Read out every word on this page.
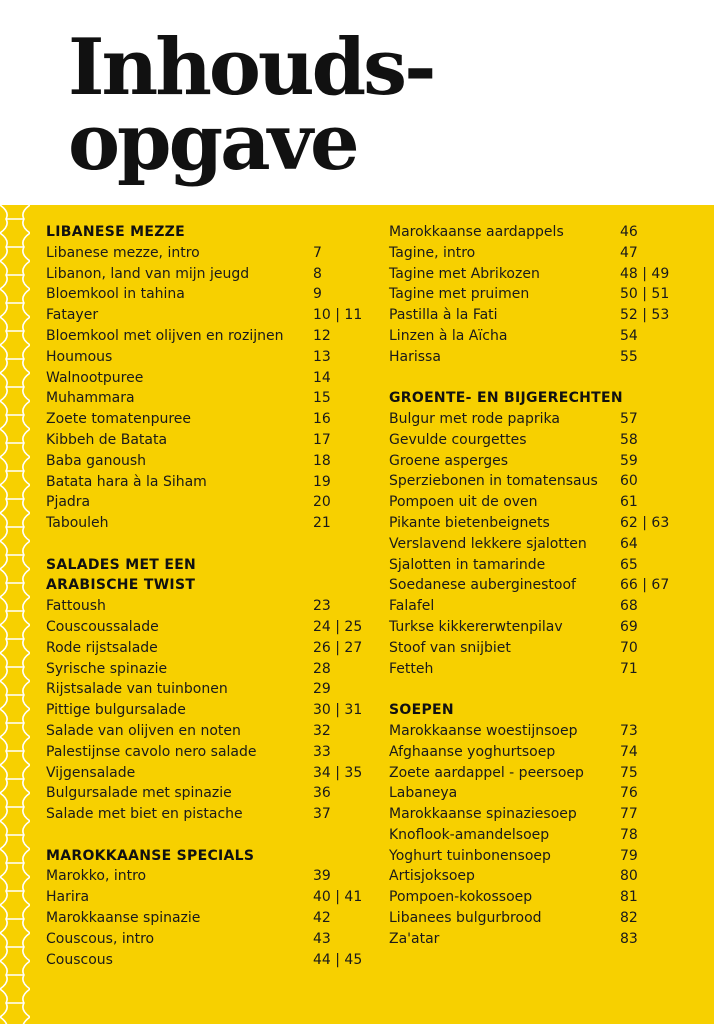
Inhouds-
opgave
LIBANESE MEZZE
Libanese mezze, intro	7
Libanon, land van mijn jeugd	8
Bloemkool in tahina	9
Fatayer	10 | 11
Bloemkool met olijven en rozijnen 12
Houmous	13
Walnootpuree	14
Muhammara	15
Zoete tomatenpuree	16
Kibbeh de Batata	17
Baba ganoush	18
Batata hara à la Siham	19
Pjadra	20
Tabouleh	21
SALADES MET EEN
ARABISCHE TWIST
Fattoush	23
Couscoussalade	24 | 25
Rode rijstsalade	26 | 27
Syrische spinazie	28
Rijstsalade van tuinbonen	29
Pittige bulgursalade	30 | 31
Salade van olijven en noten	32
Palestijnse cavolo nero salade	33
Vijgensalade	34 | 35
Bulgursalade met spinazie	36
Salade met biet en pistache	37
MAROKKAANSE SPECIALS
Marokko, intro	39
Harira	40 | 41
Marokkaanse spinazie	42
Couscous, intro	43
Couscous	44 | 45
Marokkaanse aardappels	46
Tagine, intro	47
Tagine met Abrikozen	48 | 49
Tagine met pruimen	50 | 51
Pastilla à la Fati	52 | 53
Linzen à la Aïcha	54
Harissa	55
GROENTE- EN BIJGERECHTEN
Bulgur met rode paprika	57
Gevulde courgettes	58
Groene asperges	59
Sperziebonen in tomatensaus 60
Pompoen uit de oven	61
Pikante bietenbeignets	62 | 63
Verslavend lekkere sjalotten 64
Sjalotten in tamarinde	65
Soedanese auberginestoof	66 | 67
Falafel	68
Turkse kikkererwtenpilav	69
Stoof van snijbiet	70
Fetteh	71
SOEPEN
Marokkaanse woestijnsoep	73
Afghaanse yoghurtsoep	74
Zoete aardappel - peersoep	75
Labaneya	76
Marokkaanse spinaziesoep	77
Knoflook-amandelsoep	78
Yoghurt tuinbonensoep	79
Artisjoksoep	80
Pompoen-kokossoep	81
Libanees bulgurbrood	82
Za'atar	83
